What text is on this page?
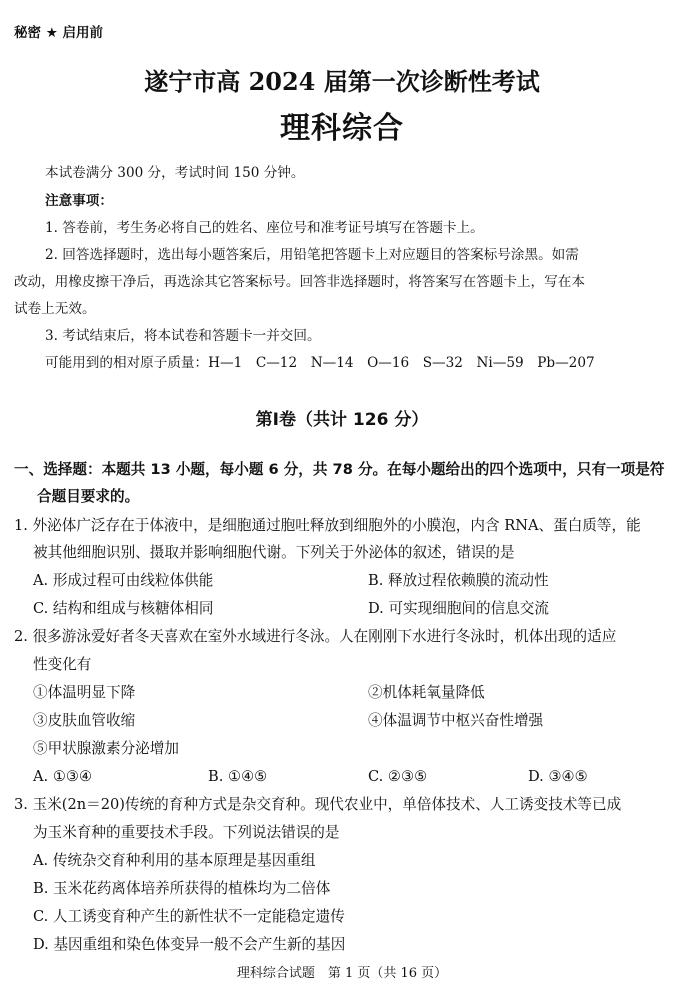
秘密 ★ 启用前
遂宁市高 2024 届第一次诊断性考试
理科综合
本试卷满分 300 分，考试时间 150 分钟。
注意事项：
1. 答卷前，考生务必将自己的姓名、座位号和准考证号填写在答题卡上。
2. 回答选择题时，选出每小题答案后，用铅笔把答题卡上对应题目的答案标号涂黑。如需
改动，用橡皮擦干净后，再选涂其它答案标号。回答非选择题时，将答案写在答题卡上，写在本
试卷上无效。
3. 考试结束后，将本试卷和答题卡一并交回。
可能用到的相对原子质量：H—1　C—12　N—14　O—16　S—32　Ni—59　Pb—207
第Ⅰ卷（共计 126 分）
一、选择题：本题共 13 小题，每小题 6 分，共 78 分。在每小题给出的四个选项中，只有一项是符
合题目要求的。
1. 外泌体广泛存在于体液中，是细胞通过胞吐释放到细胞外的小膜泡，内含 RNA、蛋白质等，能
被其他细胞识别、摄取并影响细胞代谢。下列关于外泌体的叙述，错误的是
A. 形成过程可由线粒体供能	B. 释放过程依赖膜的流动性
C. 结构和组成与核糖体相同	D. 可实现细胞间的信息交流
2. 很多游泳爱好者冬天喜欢在室外水域进行冬泳。人在刚刚下水进行冬泳时，机体出现的适应
性变化有
①体温明显下降	②机体耗氧量降低
③皮肤血管收缩	④体温调节中枢兴奋性增强
⑤甲状腺激素分泌增加
A. ①③④	B. ①④⑤	C. ②③⑤	D. ③④⑤
3. 玉米(2n＝20)传统的育种方式是杂交育种。现代农业中，单倍体技术、人工诱变技术等已成
为玉米育种的重要技术手段。下列说法错误的是
A. 传统杂交育种利用的基本原理是基因重组
B. 玉米花药离体培养所获得的植株均为二倍体
C. 人工诱变育种产生的新性状不一定能稳定遗传
D. 基因重组和染色体变异一般不会产生新的基因
理科综合试题　第 1 页（共 16 页）
